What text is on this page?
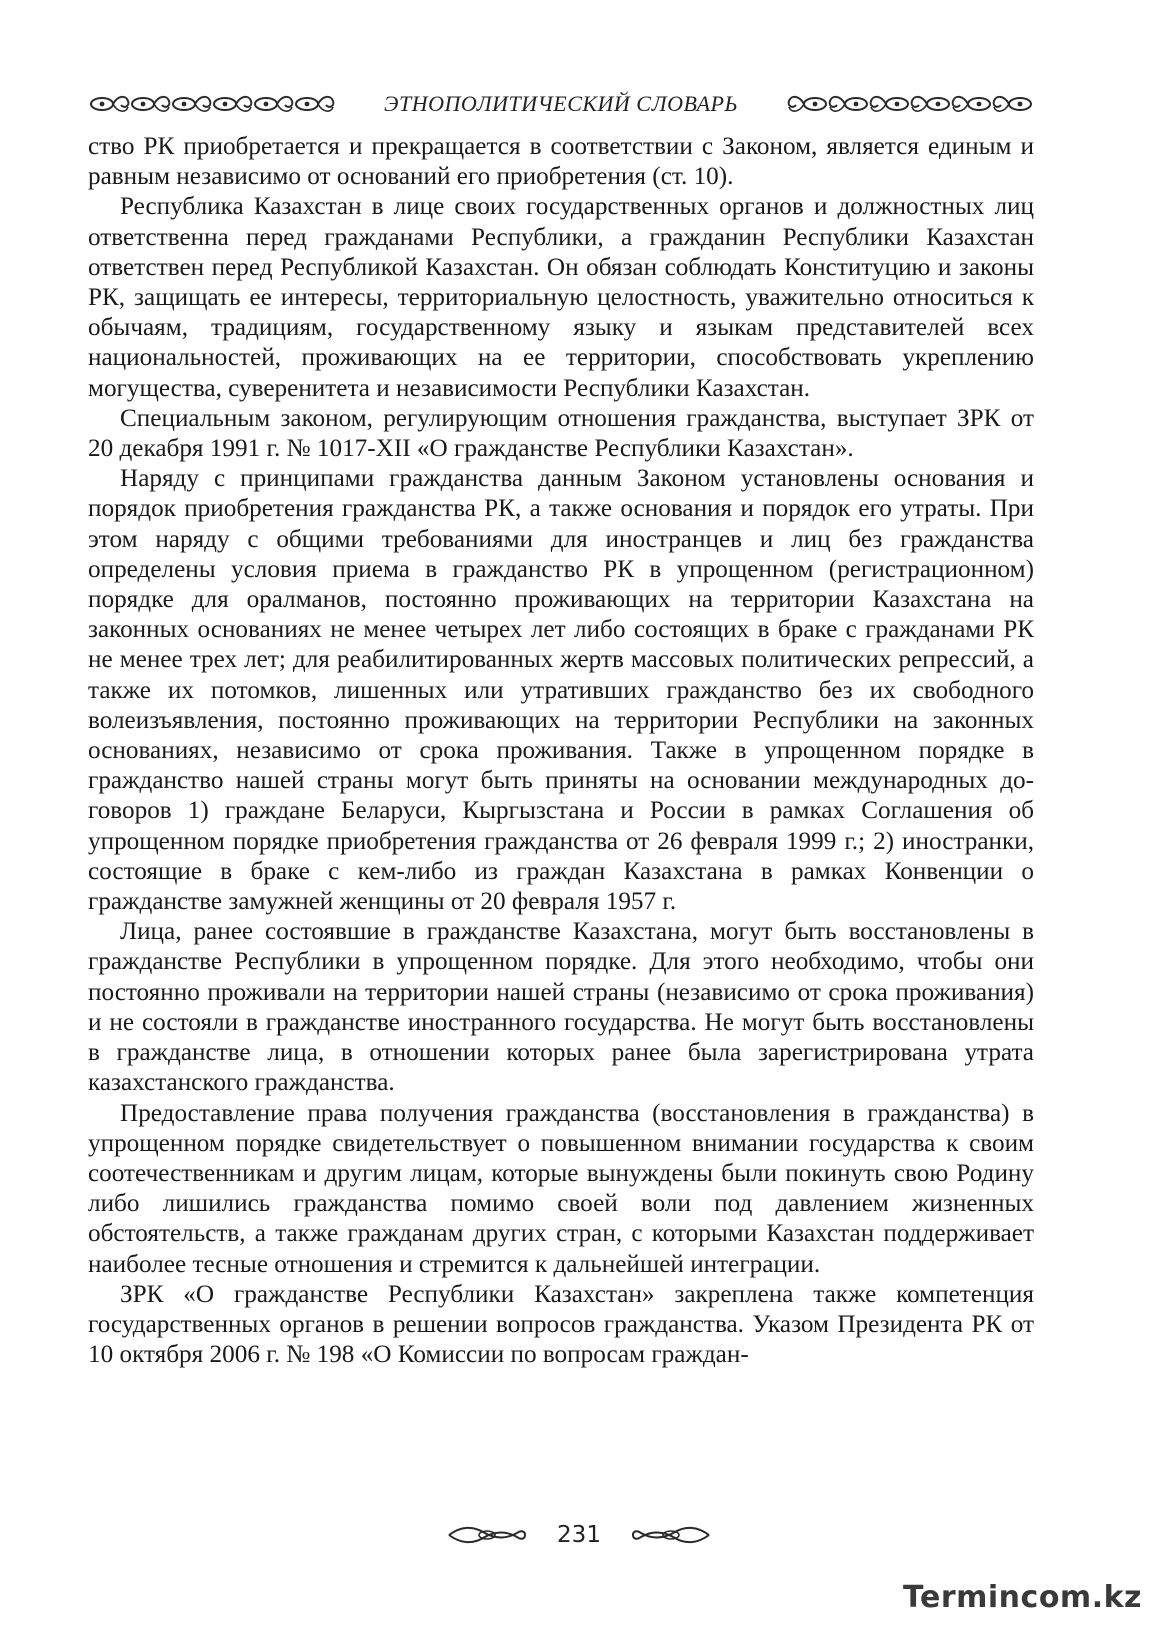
ЭТНОПОЛИТИЧЕСКИЙ СЛОВАРЬ

ство РК приобретается и прекращается в соответствии с Законом, является единым и равным независимо от оснований его приобретения (ст. 10).

Республика Казахстан в лице своих государственных органов и должностных лиц ответственна перед гражданами Республики, а гражданин Республики Казахстан ответствен перед Республикой Казахстан. Он обязан соблюдать Конституцию и законы РК, защищать ее интересы, территориальную целостность, уважительно относиться к обычаям, традициям, государственному языку и языкам представителей всех национальностей, проживающих на ее территории, способствовать укреплению могущества, суверенитета и независимости Республики Казахстан.

Специальным законом, регулирующим отношения гражданства, выступает ЗРК от 20 декабря 1991 г. № 1017-XII «О гражданстве Республики Казахстан».

Наряду с принципами гражданства данным Законом установлены основания и порядок приобретения гражданства РК, а также основания и порядок его утраты. При этом наряду с общими требованиями для иностранцев и лиц без гражданства определены условия приема в гражданство РК в упрощенном (регистрационном) порядке для оралманов, постоянно проживающих на территории Казахстана на законных основаниях не менее четырех лет либо состоящих в браке с гражданами РК не менее трех лет; для реабилитированных жертв массовых политических репрессий, а также их потомков, лишенных или утративших гражданство без их свободного волеизъявления, постоянно проживающих на территории Республики на законных основаниях, независимо от срока проживания. Также в упрощенном порядке в гражданство нашей страны могут быть приняты на основании международных договоров 1) граждане Беларуси, Кыргызстана и России в рамках Соглашения об упрощенном порядке приобретения гражданства от 26 февраля 1999 г.; 2) иностранки, состоящие в браке с кем-либо из граждан Казахстана в рамках Конвенции о гражданстве замужней женщины от 20 февраля 1957 г.

Лица, ранее состоявшие в гражданстве Казахстана, могут быть восстановлены в гражданстве Республики в упрощенном порядке. Для этого необходимо, чтобы они постоянно проживали на территории нашей страны (независимо от срока проживания) и не состояли в гражданстве иностранного государства. Не могут быть восстановлены в гражданстве лица, в отношении которых ранее была зарегистрирована утрата казахстанского гражданства.

Предоставление права получения гражданства (восстановления в гражданства) в упрощенном порядке свидетельствует о повышенном внимании государства к своим соотечественникам и другим лицам, которые вынуждены были покинуть свою Родину либо лишились гражданства помимо своей воли под давлением жизненных обстоятельств, а также гражданам других стран, с которыми Казахстан поддерживает наиболее тесные отношения и стремится к дальнейшей интеграции.

ЗРК «О гражданстве Республики Казахстан» закреплена также компетенция государственных органов в решении вопросов гражданства. Указом Президента РК от 10 октября 2006 г. № 198 «О Комиссии по вопросам граждан-

231
Termincom.kz
